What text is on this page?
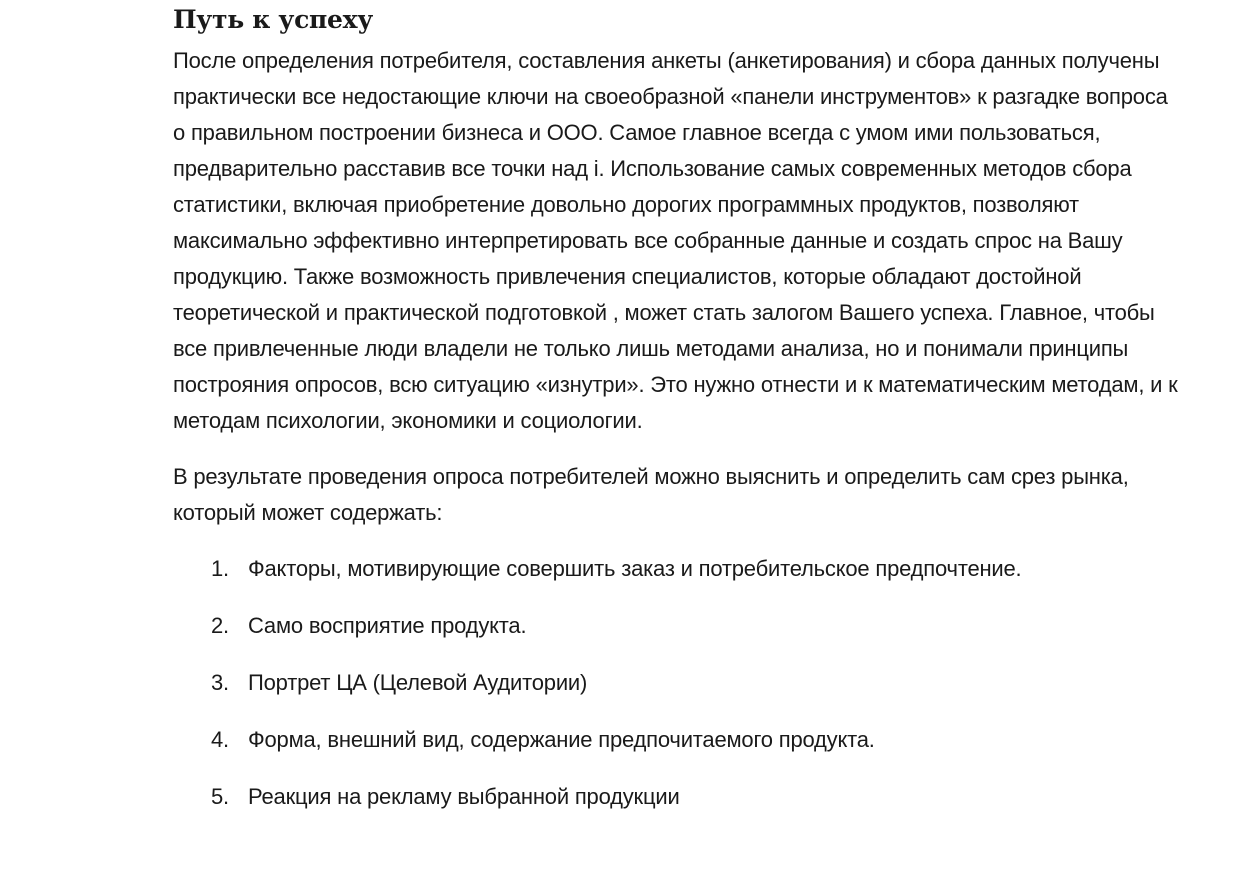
Путь к успеху

После определения потребителя, составления анкеты (анкетирования) и сбора данных получены практически все недостающие ключи на своеобразной «панели инструментов» к разгадке вопроса о правильном построении бизнеса и ООО. Самое главное всегда с умом ими пользоваться, предварительно расставив все точки над i. Использование самых современных методов сбора статистики, включая приобретение довольно дорогих программных продуктов, позволяют максимально эффективно интерпретировать все собранные данные и создать спрос на Вашу продукцию. Также возможность привлечения специалистов, которые обладают достойной теоретической и практической подготовкой , может стать залогом Вашего успеха. Главное, чтобы все привлеченные люди владели не только лишь методами анализа, но и понимали принципы построяния опросов, всю ситуацию «изнутри». Это нужно отнести и к математическим методам, и к методам психологии, экономики и социологии.

В результате проведения опроса потребителей можно выяснить и определить сам срез рынка, который может содержать:

1. Факторы, мотивирующие совершить заказ и потребительское предпочтение.
2. Само восприятие продукта.
3. Портрет ЦА (Целевой Аудитории)
4. Форма, внешний вид, содержание предпочитаемого продукта.
5. Реакция на рекламу выбранной продукции
